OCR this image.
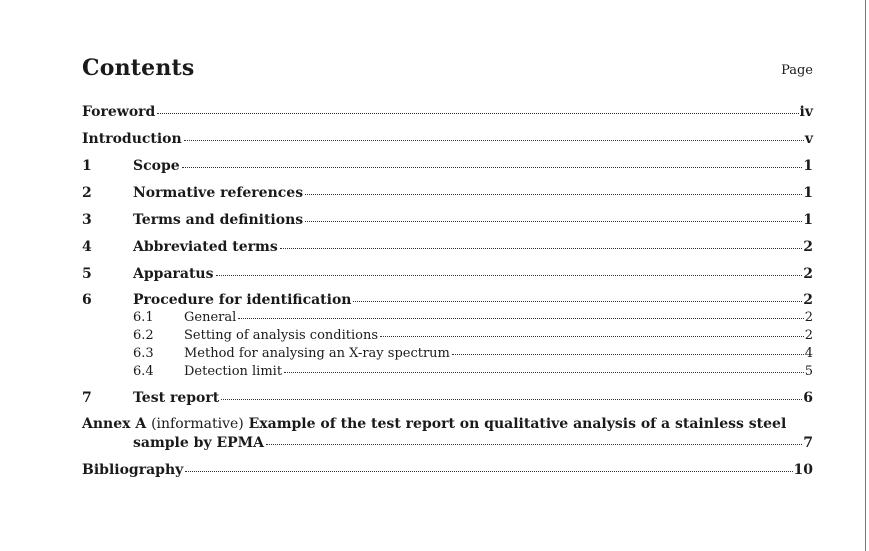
Contents	Page
Foreword	iv
Introduction	v
1	Scope	1
2	Normative references	1
3	Terms and definitions	1
4	Abbreviated terms	2
5	Apparatus	2
6	Procedure for identification	2
6.1	General	2
6.2	Setting of analysis conditions	2
6.3	Method for analysing an X-ray spectrum	4
6.4	Detection limit	5
7	Test report	6
Annex A (informative) Example of the test report on qualitative analysis of a stainless steel
sample by EPMA	7
Bibliography	10
